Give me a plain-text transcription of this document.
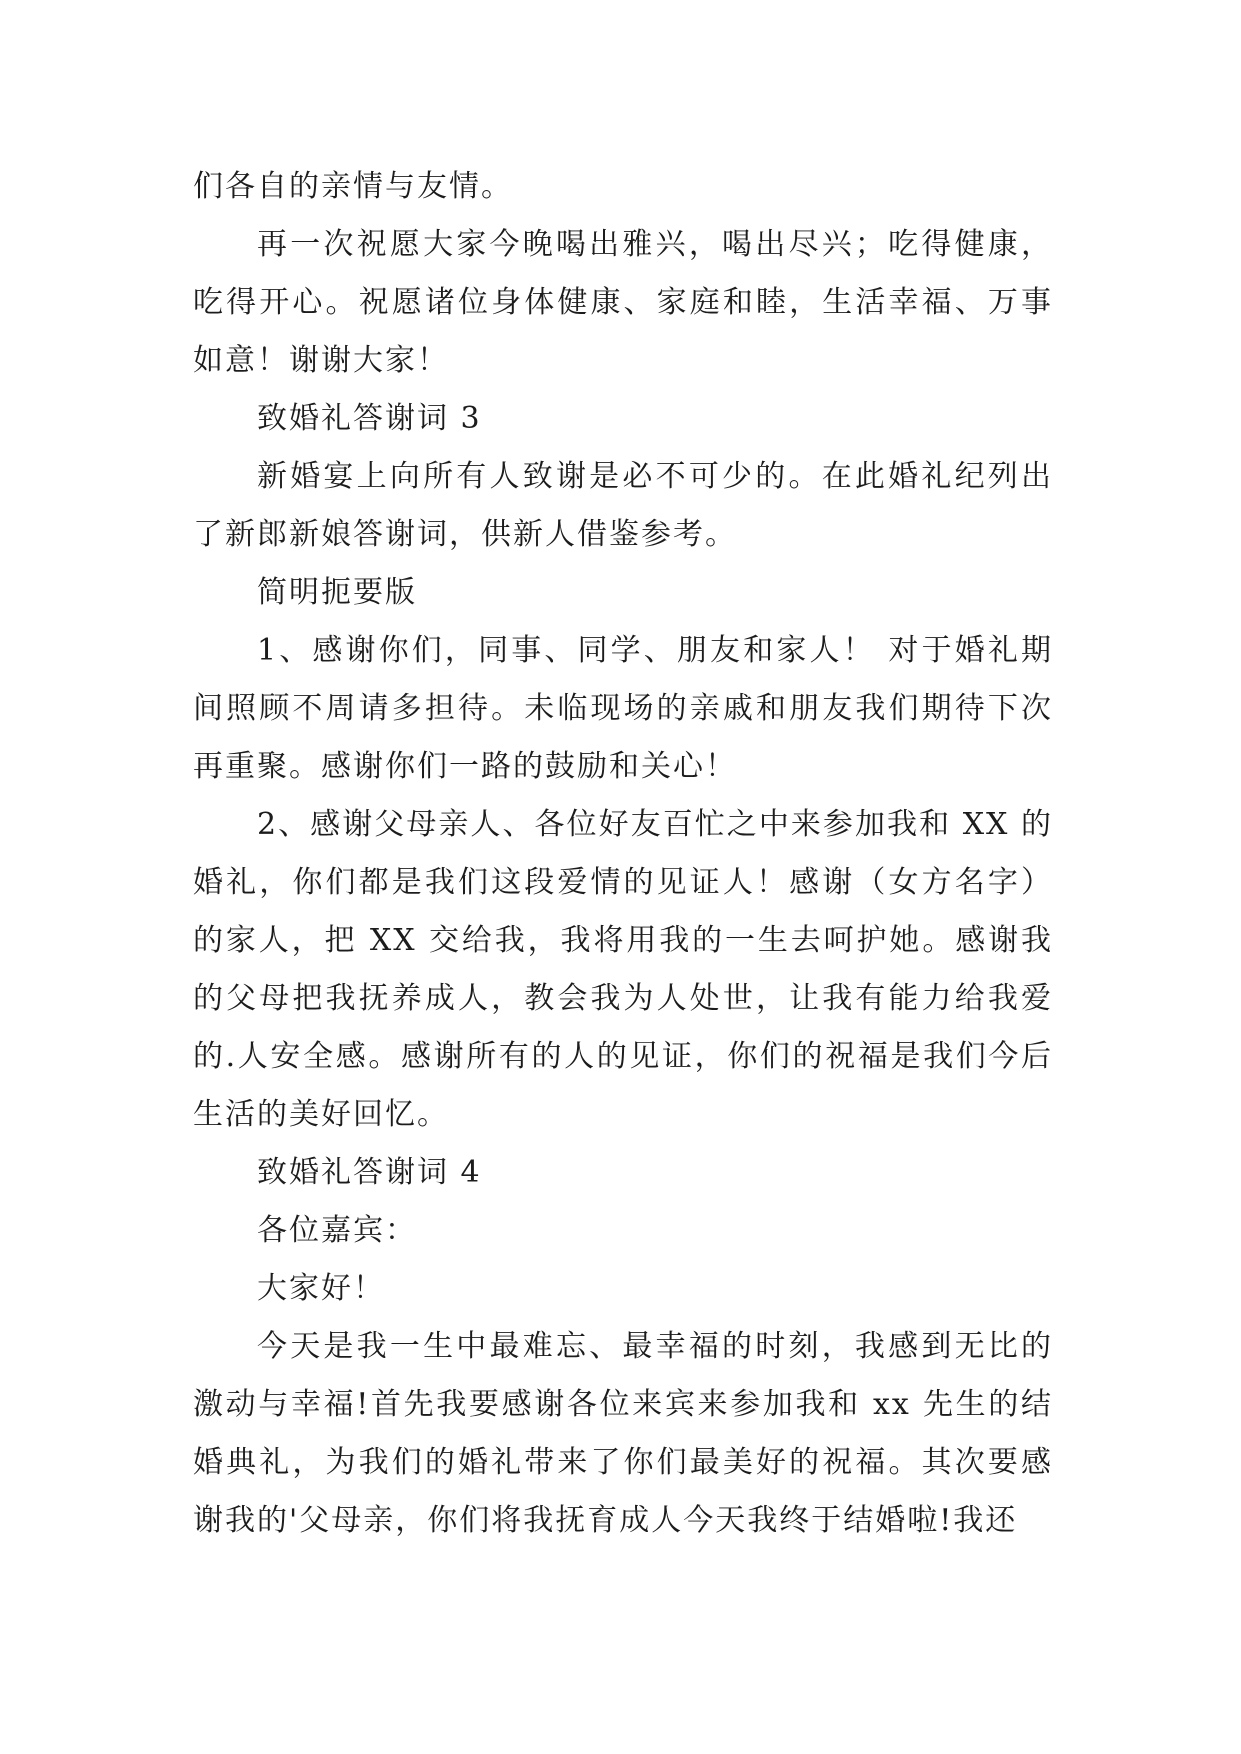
们各自的亲情与友情。

再一次祝愿大家今晚喝出雅兴，喝出尽兴；吃得健康，吃得开心。祝愿诸位身体健康、家庭和睦，生活幸福、万事如意！谢谢大家！

致婚礼答谢词 3

新婚宴上向所有人致谢是必不可少的。在此婚礼纪列出了新郎新娘答谢词，供新人借鉴参考。

简明扼要版

1、感谢你们，同事、同学、朋友和家人！ 对于婚礼期间照顾不周请多担待。未临现场的亲戚和朋友我们期待下次再重聚。感谢你们一路的鼓励和关心！

2、感谢父母亲人、各位好友百忙之中来参加我和 XX 的婚礼，你们都是我们这段爱情的见证人！感谢（女方名字）的家人，把 XX 交给我，我将用我的一生去呵护她。感谢我的父母把我抚养成人，教会我为人处世，让我有能力给我爱的.人安全感。感谢所有的人的见证，你们的祝福是我们今后生活的美好回忆。

致婚礼答谢词 4

各位嘉宾：

大家好！

今天是我一生中最难忘、最幸福的时刻，我感到无比的激动与幸福!首先我要感谢各位来宾来参加我和 xx 先生的结婚典礼，为我们的婚礼带来了你们最美好的祝福。其次要感谢我的'父母亲，你们将我抚育成人今天我终于结婚啦!我还
